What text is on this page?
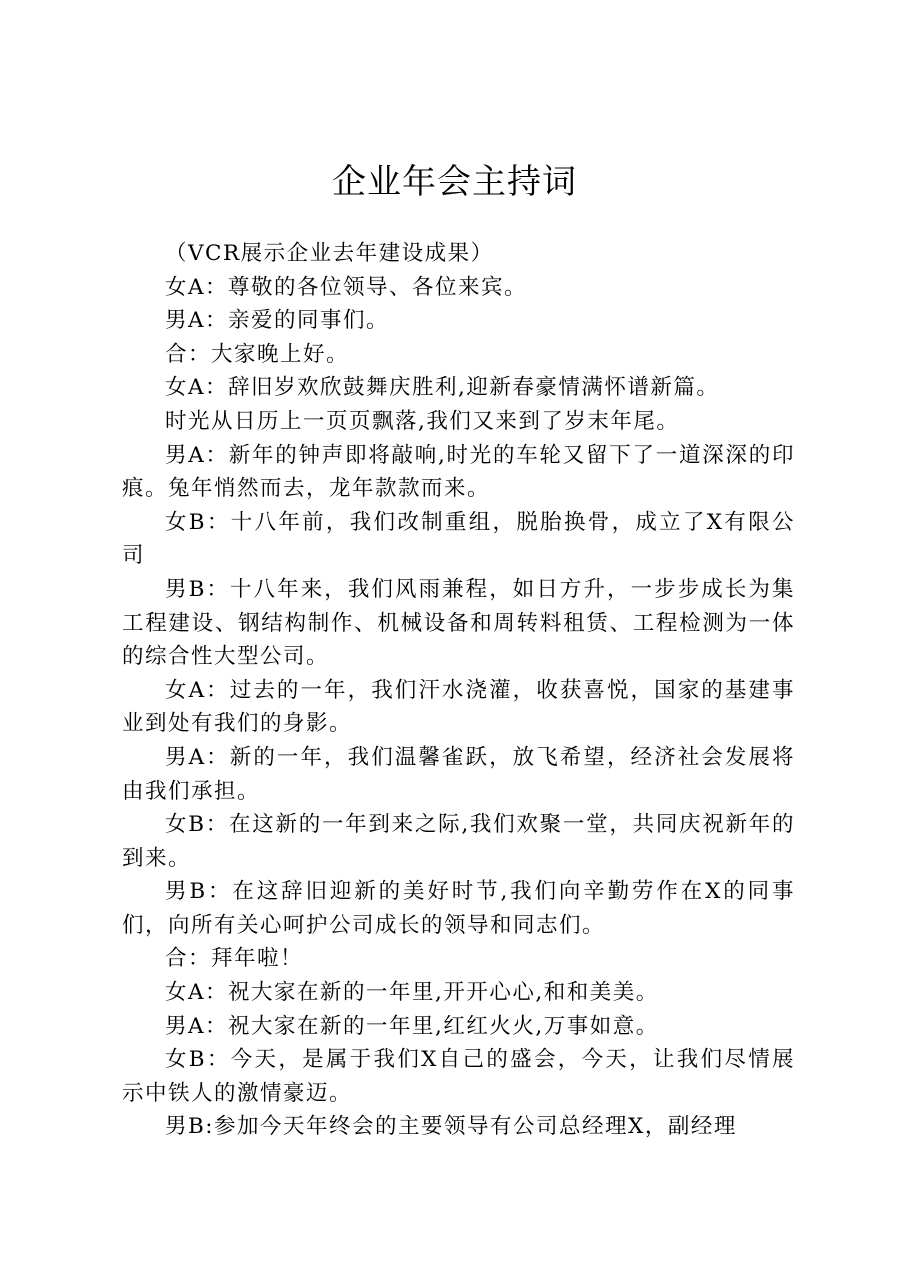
企业年会主持词

（VCR展示企业去年建设成果）

女A：尊敬的各位领导、各位来宾。

男A：亲爱的同事们。

合：大家晚上好。

女A：辞旧岁欢欣鼓舞庆胜利,迎新春豪情满怀谱新篇。

时光从日历上一页页飘落,我们又来到了岁末年尾。

男A：新年的钟声即将敲响,时光的车轮又留下了一道深深的印痕。兔年悄然而去，龙年款款而来。

女B：十八年前，我们改制重组，脱胎换骨，成立了X有限公司

男B：十八年来，我们风雨兼程，如日方升，一步步成长为集工程建设、钢结构制作、机械设备和周转料租赁、工程检测为一体的综合性大型公司。

女A：过去的一年，我们汗水浇灌，收获喜悦，国家的基建事业到处有我们的身影。

男A：新的一年，我们温馨雀跃，放飞希望，经济社会发展将由我们承担。

女B：在这新的一年到来之际,我们欢聚一堂，共同庆祝新年的到来。

男B：在这辞旧迎新的美好时节,我们向辛勤劳作在X的同事们，向所有关心呵护公司成长的领导和同志们。

合：拜年啦！

女A：祝大家在新的一年里,开开心心,和和美美。

男A：祝大家在新的一年里,红红火火,万事如意。

女B：今天，是属于我们X自己的盛会，今天，让我们尽情展示中铁人的激情豪迈。

男B:参加今天年终会的主要领导有公司总经理X，副经理
